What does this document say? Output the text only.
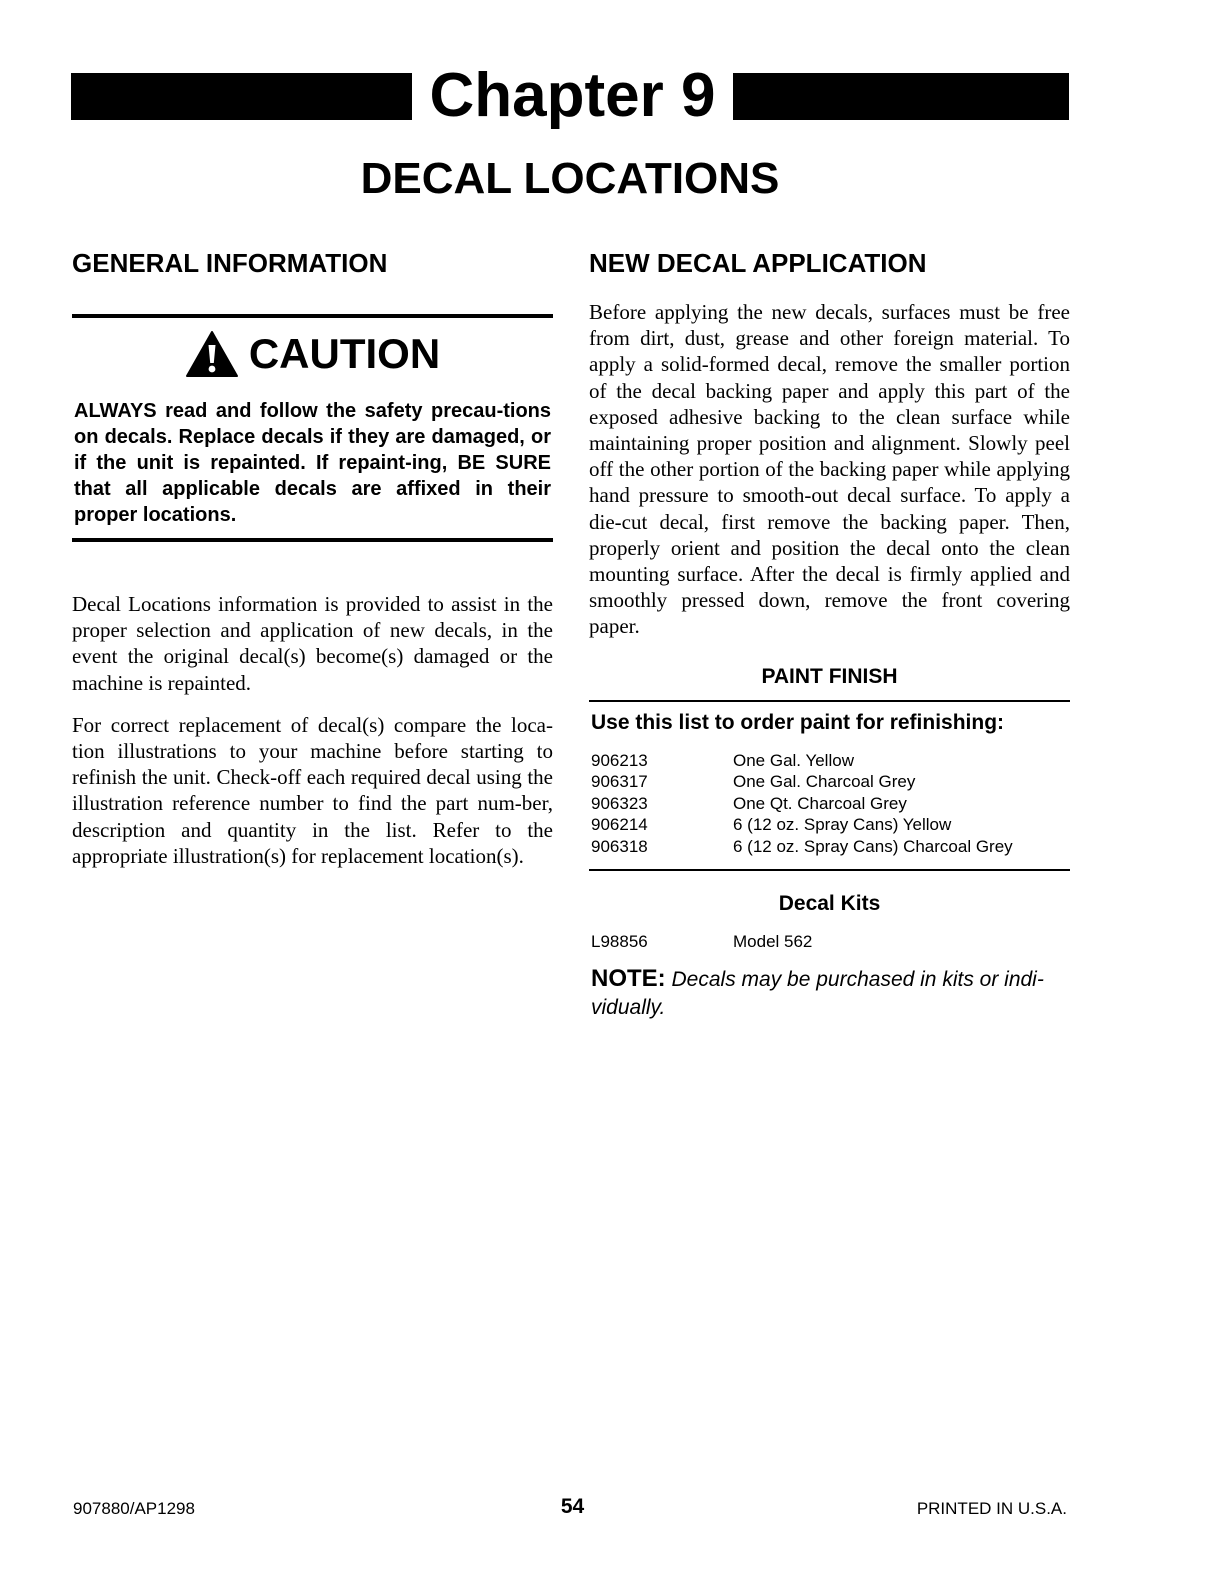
Chapter 9
DECAL LOCATIONS
GENERAL INFORMATION
CAUTION

ALWAYS read and follow the safety precau-tions on decals. Replace decals if they are damaged, or if the unit is repainted. If repaint-ing, BE SURE that all applicable decals are affixed in their proper locations.

Decal Locations information is provided to assist in the proper selection and application of new decals, in the event the original decal(s) become(s) damaged or the machine is repainted.

For correct replacement of decal(s) compare the loca-tion illustrations to your machine before starting to refinish the unit. Check-off each required decal using the illustration reference number to find the part num-ber, description and quantity in the list. Refer to the appropriate illustration(s) for replacement location(s).

NEW DECAL APPLICATION

Before applying the new decals, surfaces must be free from dirt, dust, grease and other foreign material. To apply a solid-formed decal, remove the smaller portion of the decal backing paper and apply this part of the exposed adhesive backing to the clean surface while maintaining proper position and alignment. Slowly peel off the other portion of the backing paper while applying hand pressure to smooth-out decal surface. To apply a die-cut decal, first remove the backing paper. Then, properly orient and position the decal onto the clean mounting surface. After the decal is firmly applied and smoothly pressed down, remove the front covering paper.

PAINT FINISH

Use this list to order paint for refinishing:

906213	One Gal. Yellow
906317	One Gal. Charcoal Grey
906323	One Qt. Charcoal Grey
906214	6 (12 oz. Spray Cans) Yellow
906318	6 (12 oz. Spray Cans) Charcoal Grey

Decal Kits

L98856	Model 562

NOTE: Decals may be purchased in kits or indi-vidually.

907880/AP1298	54	PRINTED IN U.S.A.
